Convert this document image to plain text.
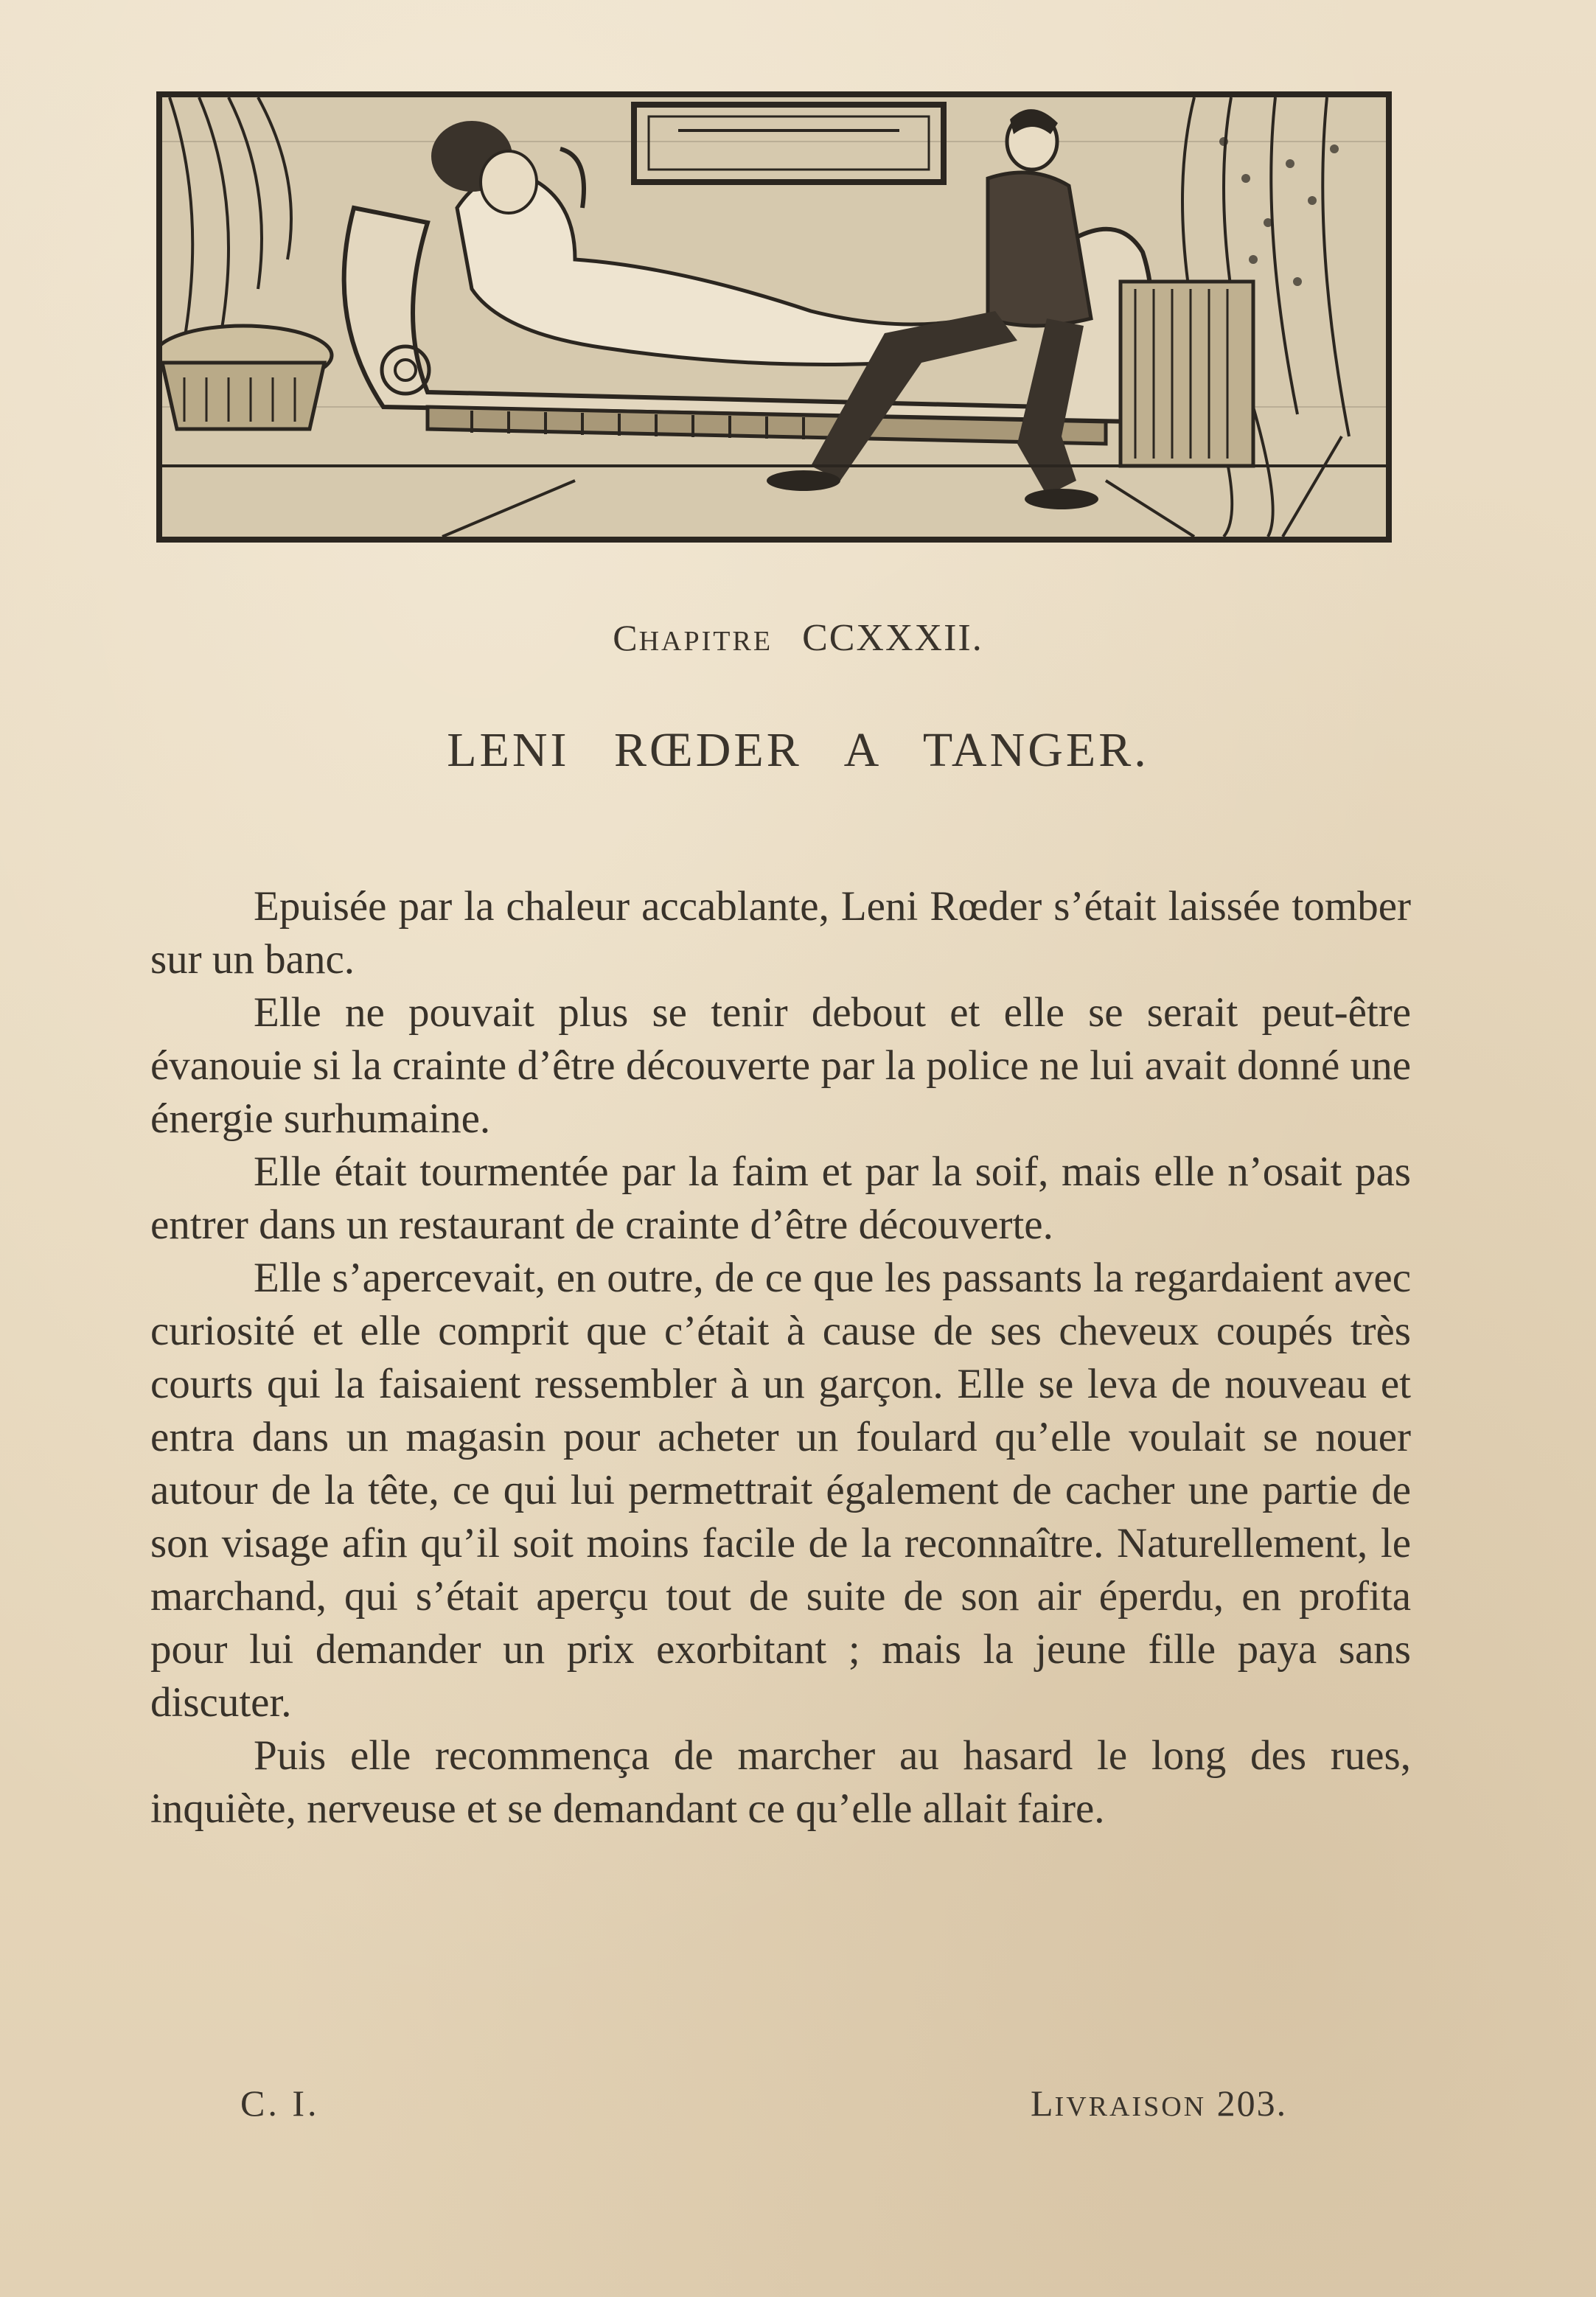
CHAPITRE CCXXXII.
LENI RŒDER A TANGER.

Epuisée par la chaleur accablante, Leni Rœder s’était laissée tomber sur un banc.

Elle ne pouvait plus se tenir debout et elle se serait peut-être évanouie si la crainte d’être découverte par la police ne lui avait donné une énergie surhumaine.

Elle était tourmentée par la faim et par la soif, mais elle n’osait pas entrer dans un restaurant de crainte d’être découverte.

Elle s’apercevait, en outre, de ce que les passants la regardaient avec curiosité et elle comprit que c’était à cause de ses cheveux coupés très courts qui la faisaient ressembler à un garçon. Elle se leva de nouveau et entra dans un magasin pour acheter un foulard qu’elle voulait se nouer autour de la tête, ce qui lui permettrait également de cacher une partie de son visage afin qu’il soit moins facile de la reconnaître. Naturellement, le marchand, qui s’était aperçu tout de suite de son air éperdu, en profita pour lui demander un prix exorbitant ; mais la jeune fille paya sans discuter.

Puis elle recommença de marcher au hasard le long des rues, inquiète, nerveuse et se demandant ce qu’elle allait faire.

C. I.	LIVRAISON 203.
